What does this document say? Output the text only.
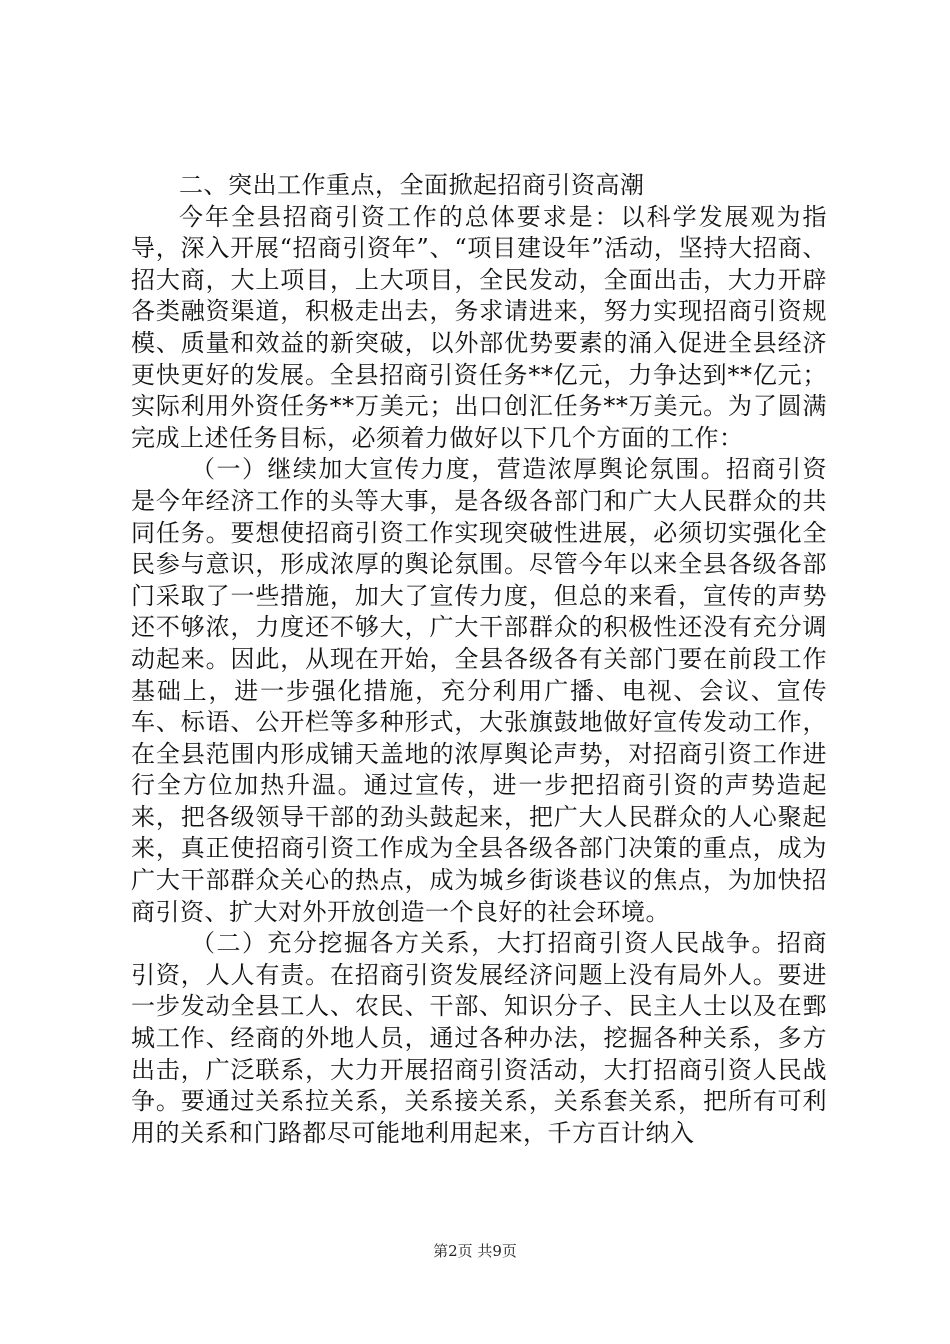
二、突出工作重点，全面掀起招商引资高潮

今年全县招商引资工作的总体要求是：以科学发展观为指导，深入开展“招商引资年”、“项目建设年”活动，坚持大招商、招大商，大上项目，上大项目，全民发动，全面出击，大力开辟各类融资渠道，积极走出去，务求请进来，努力实现招商引资规模、质量和效益的新突破，以外部优势要素的涌入促进全县经济更快更好的发展。全县招商引资任务**亿元，力争达到**亿元；实际利用外资任务**万美元；出口创汇任务**万美元。为了圆满完成上述任务目标，必须着力做好以下几个方面的工作：

（一）继续加大宣传力度，营造浓厚舆论氛围。招商引资是今年经济工作的头等大事，是各级各部门和广大人民群众的共同任务。要想使招商引资工作实现突破性进展，必须切实强化全民参与意识，形成浓厚的舆论氛围。尽管今年以来全县各级各部门采取了一些措施，加大了宣传力度，但总的来看，宣传的声势还不够浓，力度还不够大，广大干部群众的积极性还没有充分调动起来。因此，从现在开始，全县各级各有关部门要在前段工作基础上，进一步强化措施，充分利用广播、电视、会议、宣传车、标语、公开栏等多种形式，大张旗鼓地做好宣传发动工作，在全县范围内形成铺天盖地的浓厚舆论声势，对招商引资工作进行全方位加热升温。通过宣传，进一步把招商引资的声势造起来，把各级领导干部的劲头鼓起来，把广大人民群众的人心聚起来，真正使招商引资工作成为全县各级各部门决策的重点，成为广大干部群众关心的热点，成为城乡街谈巷议的焦点，为加快招商引资、扩大对外开放创造一个良好的社会环境。

（二）充分挖掘各方关系，大打招商引资人民战争。招商引资，人人有责。在招商引资发展经济问题上没有局外人。要进一步发动全县工人、农民、干部、知识分子、民主人士以及在鄄城工作、经商的外地人员，通过各种办法，挖掘各种关系，多方出击，广泛联系，大力开展招商引资活动，大打招商引资人民战争。要通过关系拉关系，关系接关系，关系套关系，把所有可利用的关系和门路都尽可能地利用起来，千方百计纳入

第2页 共9页
